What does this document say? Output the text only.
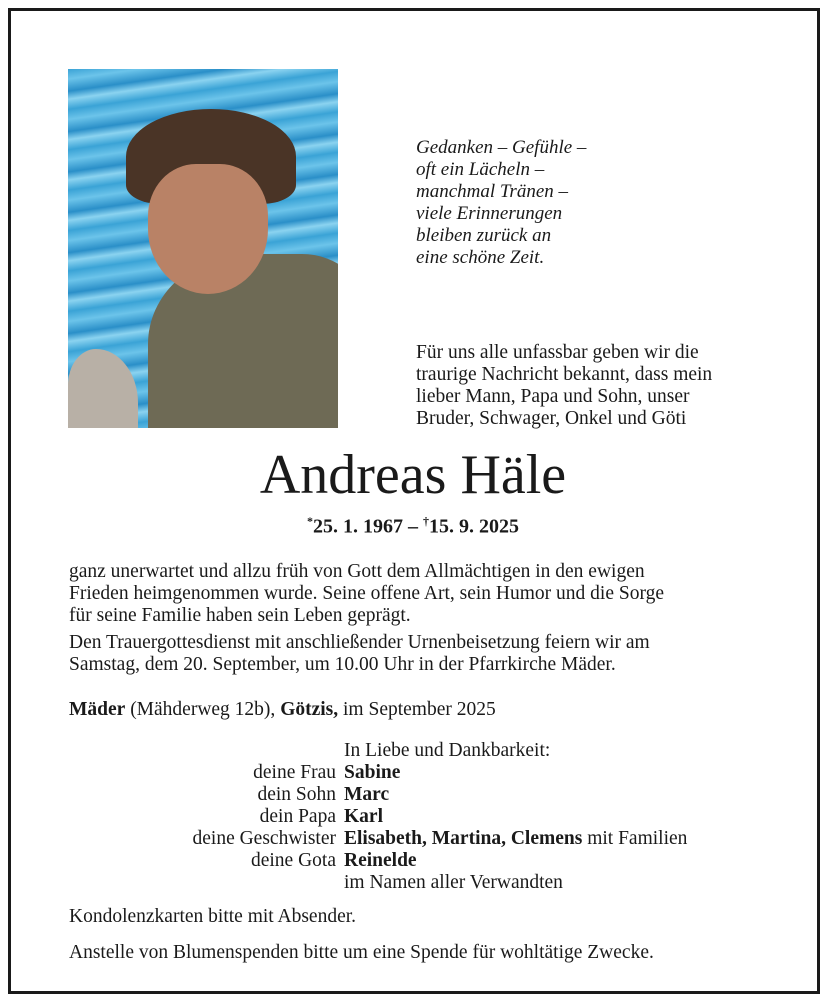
Gedanken – Gefühle –
oft ein Lächeln –
manchmal Tränen –
viele Erinnerungen
bleiben zurück an
eine schöne Zeit.
Für uns alle unfassbar geben wir die
traurige Nachricht bekannt, dass mein
lieber Mann, Papa und Sohn, unser
Bruder, Schwager, Onkel und Göti
Andreas Häle
*25. 1. 1967 – †15. 9. 2025
ganz unerwartet und allzu früh von Gott dem Allmächtigen in den ewigen
Frieden heimgenommen wurde. Seine offene Art, sein Humor und die Sorge
für seine Familie haben sein Leben geprägt.
Den Trauergottesdienst mit anschließender Urnenbeisetzung feiern wir am
Samstag, dem 20. September, um 10.00 Uhr in der Pfarrkirche Mäder.
Mäder (Mähderweg 12b), Götzis, im September 2025
In Liebe und Dankbarkeit:
deine Frau Sabine
dein Sohn Marc
dein Papa Karl
deine Geschwister Elisabeth, Martina, Clemens mit Familien
deine Gota Reinelde
im Namen aller Verwandten
Kondolenzkarten bitte mit Absender.
Anstelle von Blumenspenden bitte um eine Spende für wohltätige Zwecke.
